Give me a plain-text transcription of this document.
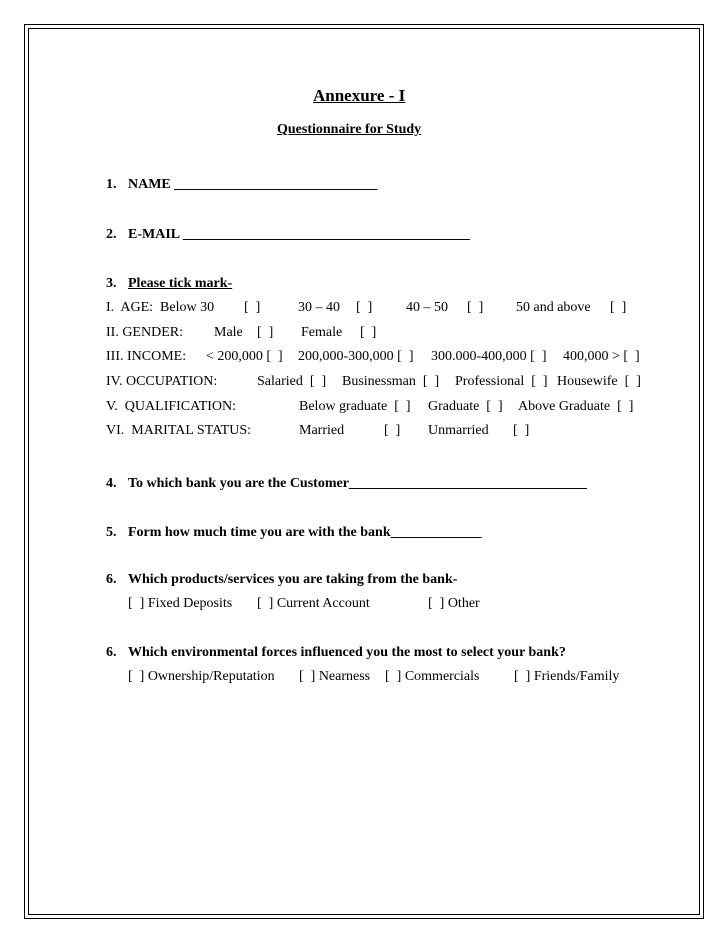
Annexure - I
Questionnaire for Study
1. NAME _____________________________
2. E-MAIL _________________________________________
3. Please tick mark-
I.  AGE:  Below 30 [  ]	30 – 40 [  ] 40 – 50 [  ] 50 and above [  ]
II. GENDER: Male [  ] Female [  ]
III. INCOME: < 200,000 [  ] 200,000-300,000 [  ] 300.000-400,000 [  ] 400,000 > [  ]
IV. OCCUPATION:	Salaried  [  ] Businessman  [  ] Professional  [  ] Housewife  [  ]
V.  QUALIFICATION:	Below graduate  [  ] Graduate  [  ] Above Graduate  [  ]
VI.  MARITAL STATUS:	Married	[  ] Unmarried [  ]
4. To which bank you are the Customer__________________________________
5. Form how much time you are with the bank_____________
6. Which products/services you are taking from the bank-
[  ] Fixed Deposits [  ] Current Account	[  ] Other
6. Which environmental forces influenced you the most to select your bank?
[  ] Ownership/Reputation [  ] Nearness [  ] Commercials [  ] Friends/Family
